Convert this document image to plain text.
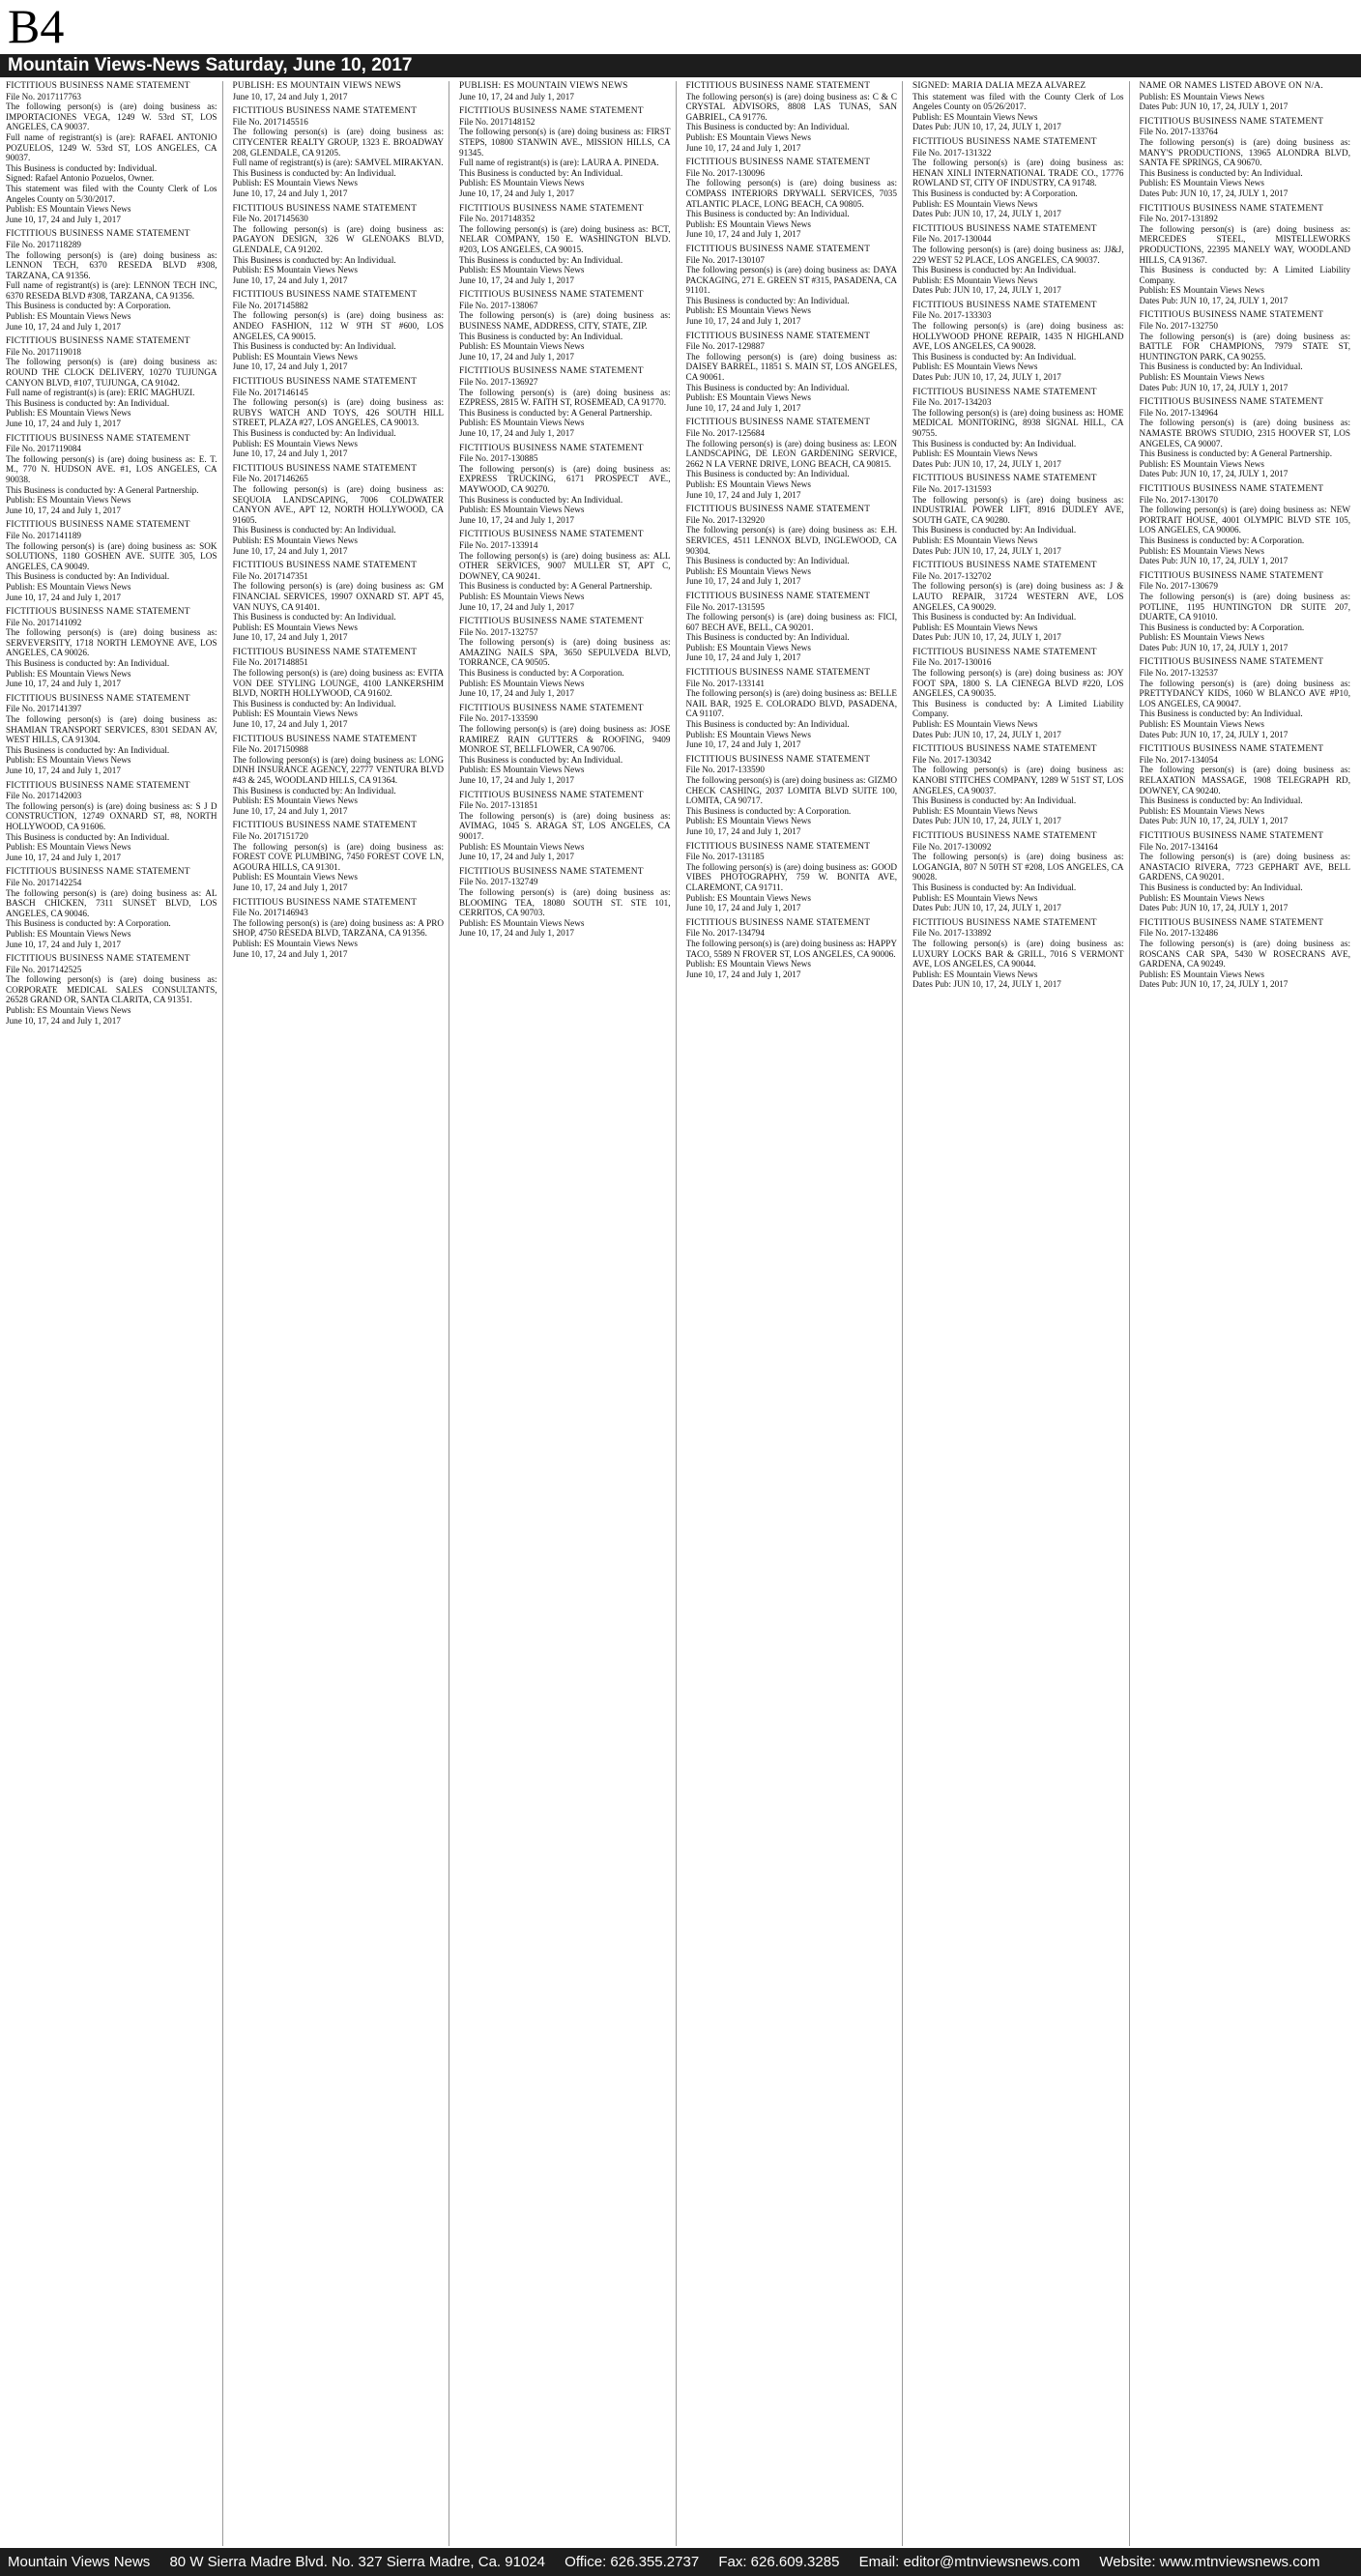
B4
Mountain Views-News Saturday, June 10, 2017
FICTITIOUS BUSINESS NAME STATEMENT
File No. 2017117763
The following person(s) is (are) doing business as: IMPORTACIONES VEGA, 1249 W. 53rd ST, LOS ANGELES, CA 90037.
Full name of registrant(s) is (are): RAFAEL ANTONIO POZUELOS, 1249 W. 53rd ST, LOS ANGELES, CA 90037.
This Business is conducted by: Individual.
Signed: Rafael Antonio Pozuelos, Owner.
This statement was filed with the County Clerk of Los Angeles County on 5/30/2017.
Publish: ES Mountain Views News
June 10, 17, 24 and July 1, 2017
FICTITIOUS BUSINESS NAME STATEMENT
File No. 2017118289
The following person(s) is (are) doing business as: LENNON TECH, 6370 RESEDA BLVD #308, TARZANA, CA 91356.
Full name of registrant(s) is (are): LENNON TECH INC, 6370 RESEDA BLVD #308, TARZANA, CA 91356.
This Business is conducted by: A Corporation.
Publish: ES Mountain Views News
June 10, 17, 24 and July 1, 2017
FICTITIOUS BUSINESS NAME STATEMENT
File No. 2017119018
The following person(s) is (are) doing business as: ROUND THE CLOCK DELIVERY, 10270 TUJUNGA CANYON BLVD, #107, TUJUNGA, CA 91042.
Full name of registrant(s) is (are): ERIC MAGHUZI.
This Business is conducted by: An Individual.
Publish: ES Mountain Views News
June 10, 17, 24 and July 1, 2017
FICTITIOUS BUSINESS NAME STATEMENT
File No. 2017119084
The following person(s) is (are) doing business as: E. T. M., 770 N. HUDSON AVE. #1, LOS ANGELES, CA 90038.
This Business is conducted by: A General Partnership.
Publish: ES Mountain Views News
June 10, 17, 24 and July 1, 2017
FICTITIOUS BUSINESS NAME STATEMENT
File No. 2017141189
The following person(s) is (are) doing business as: SOK SOLUTIONS, 1180 GOSHEN AVE. SUITE 305, LOS ANGELES, CA 90049.
This Business is conducted by: An Individual.
Publish: ES Mountain Views News
June 10, 17, 24 and July 1, 2017
FICTITIOUS BUSINESS NAME STATEMENT
File No. 2017141092
The following person(s) is (are) doing business as: SERVEVERSITY, 1718 NORTH LEMOYNE AVE, LOS ANGELES, CA 90026.
This Business is conducted by: An Individual.
Publish: ES Mountain Views News
June 10, 17, 24 and July 1, 2017
FICTITIOUS BUSINESS NAME STATEMENT
File No. 2017141397
The following person(s) is (are) doing business as: SHAMIAN TRANSPORT SERVICES, 8301 SEDAN AV, WEST HILLS, CA 91304.
This Business is conducted by: An Individual.
Publish: ES Mountain Views News
June 10, 17, 24 and July 1, 2017
FICTITIOUS BUSINESS NAME STATEMENT
File No. 2017142003
The following person(s) is (are) doing business as: S J D CONSTRUCTION, 12749 OXNARD ST, #8, NORTH HOLLYWOOD, CA 91606.
This Business is conducted by: An Individual.
Publish: ES Mountain Views News
June 10, 17, 24 and July 1, 2017
FICTITIOUS BUSINESS NAME STATEMENT
File No. 2017142254
The following person(s) is (are) doing business as: AL BASCH CHICKEN, 7311 SUNSET BLVD, LOS ANGELES, CA 90046.
This Business is conducted by: A Corporation.
Publish: ES Mountain Views News
June 10, 17, 24 and July 1, 2017
FICTITIOUS BUSINESS NAME STATEMENT
File No. 2017142525
The following person(s) is (are) doing business as: CORPORATE MEDICAL SALES CONSULTANTS, 26528 GRAND OR, SANTA CLARITA, CA 91351.
Publish: ES Mountain Views News
June 10, 17, 24 and July 1, 2017
PUBLISH: ES MOUNTAIN VIEWS NEWS
June 10, 17, 24 and July 1, 2017
FICTITIOUS BUSINESS NAME STATEMENT
File No. 2017145516
The following person(s) is (are) doing business as: CITYCENTER REALTY GROUP, 1323 E. BROADWAY 208, GLENDALE, CA 91205.
Full name of registrant(s) is (are): SAMVEL MIRAKYAN.
This Business is conducted by: An Individual.
Publish: ES Mountain Views News
June 10, 17, 24 and July 1, 2017
FICTITIOUS BUSINESS NAME STATEMENT
File No. 2017145630
The following person(s) is (are) doing business as: PAGAYON DESIGN, 326 W GLENOAKS BLVD, GLENDALE, CA 91202.
This Business is conducted by: An Individual.
Publish: ES Mountain Views News
June 10, 17, 24 and July 1, 2017
FICTITIOUS BUSINESS NAME STATEMENT
File No. 2017145882
The following person(s) is (are) doing business as: ANDEO FASHION, 112 W 9TH ST #600, LOS ANGELES, CA 90015.
This Business is conducted by: An Individual.
Publish: ES Mountain Views News
June 10, 17, 24 and July 1, 2017
FICTITIOUS BUSINESS NAME STATEMENT
File No. 2017146145
The following person(s) is (are) doing business as: RUBYS WATCH AND TOYS, 426 SOUTH HILL STREET, PLAZA #27, LOS ANGELES, CA 90013.
This Business is conducted by: An Individual.
Publish: ES Mountain Views News
June 10, 17, 24 and July 1, 2017
FICTITIOUS BUSINESS NAME STATEMENT
File No. 2017146265
The following person(s) is (are) doing business as: SEQUOIA LANDSCAPING, 7006 COLDWATER CANYON AVE., APT 12, NORTH HOLLYWOOD, CA 91605.
This Business is conducted by: An Individual.
Publish: ES Mountain Views News
June 10, 17, 24 and July 1, 2017
FICTITIOUS BUSINESS NAME STATEMENT
File No. 2017147351
The following person(s) is (are) doing business as: GM FINANCIAL SERVICES, 19907 OXNARD ST. APT 45, VAN NUYS, CA 91401.
This Business is conducted by: An Individual.
Publish: ES Mountain Views News
June 10, 17, 24 and July 1, 2017
FICTITIOUS BUSINESS NAME STATEMENT
File No. 2017148851
The following person(s) is (are) doing business as: EVITA VON DEE STYLING LOUNGE, 4100 LANKERSHIM BLVD, NORTH HOLLYWOOD, CA 91602.
This Business is conducted by: An Individual.
Publish: ES Mountain Views News
June 10, 17, 24 and July 1, 2017
FICTITIOUS BUSINESS NAME STATEMENT
File No. 2017150988
The following person(s) is (are) doing business as: LONG DINH INSURANCE AGENCY, 22777 VENTURA BLVD #43 & 245, WOODLAND HILLS, CA 91364.
This Business is conducted by: An Individual.
Publish: ES Mountain Views News
June 10, 17, 24 and July 1, 2017
FICTITIOUS BUSINESS NAME STATEMENT
File No. 2017151720
The following person(s) is (are) doing business as: FOREST COVE PLUMBING, 7450 FOREST COVE LN, AGOURA HILLS, CA 91301.
Publish: ES Mountain Views News
June 10, 17, 24 and July 1, 2017
FICTITIOUS BUSINESS NAME STATEMENT
File No. 2017146943
The following person(s) is (are) doing business as: A PRO SHOP, 4750 RESEDA BLVD, TARZANA, CA 91356.
Publish: ES Mountain Views News
June 10, 17, 24 and July 1, 2017
PUBLISH: ES MOUNTAIN VIEWS NEWS
June 10, 17, 24 and July 1, 2017
FICTITIOUS BUSINESS NAME STATEMENT
File No. 2017148152
The following person(s) is (are) doing business as: FIRST STEPS, 10800 STANWIN AVE., MISSION HILLS, CA 91345.
Full name of registrant(s) is (are): LAURA A. PINEDA.
This Business is conducted by: An Individual.
Publish: ES Mountain Views News
June 10, 17, 24 and July 1, 2017
FICTITIOUS BUSINESS NAME STATEMENT
File No. 2017148352
The following person(s) is (are) doing business as: BCT, NELAR COMPANY, 150 E. WASHINGTON BLVD. #203, LOS ANGELES, CA 90015.
This Business is conducted by: An Individual.
Publish: ES Mountain Views News
June 10, 17, 24 and July 1, 2017
FICTITIOUS BUSINESS NAME STATEMENT
File No. 2017-138067
The following person(s) is (are) doing business as: BUSINESS NAME, ADDRESS, CITY, STATE, ZIP.
This Business is conducted by: An Individual.
Publish: ES Mountain Views News
June 10, 17, 24 and July 1, 2017
FICTITIOUS BUSINESS NAME STATEMENT
File No. 2017-136927
The following person(s) is (are) doing business as: EZPRESS, 2815 W. FAITH ST, ROSEMEAD, CA 91770.
This Business is conducted by: A General Partnership.
Publish: ES Mountain Views News
June 10, 17, 24 and July 1, 2017
FICTITIOUS BUSINESS NAME STATEMENT
File No. 2017-130885
The following person(s) is (are) doing business as: EXPRESS TRUCKING, 6171 PROSPECT AVE., MAYWOOD, CA 90270.
This Business is conducted by: An Individual.
Publish: ES Mountain Views News
June 10, 17, 24 and July 1, 2017
FICTITIOUS BUSINESS NAME STATEMENT
File No. 2017-133914
The following person(s) is (are) doing business as: ALL OTHER SERVICES, 9007 MULLER ST, APT C, DOWNEY, CA 90241.
This Business is conducted by: A General Partnership.
Publish: ES Mountain Views News
June 10, 17, 24 and July 1, 2017
FICTITIOUS BUSINESS NAME STATEMENT
File No. 2017-132757
The following person(s) is (are) doing business as: AMAZING NAILS SPA, 3650 SEPULVEDA BLVD, TORRANCE, CA 90505.
This Business is conducted by: A Corporation.
Publish: ES Mountain Views News
June 10, 17, 24 and July 1, 2017
FICTITIOUS BUSINESS NAME STATEMENT
File No. 2017-133590
The following person(s) is (are) doing business as: JOSE RAMIREZ RAIN GUTTERS & ROOFING, 9409 MONROE ST, BELLFLOWER, CA 90706.
This Business is conducted by: An Individual.
Publish: ES Mountain Views News
June 10, 17, 24 and July 1, 2017
FICTITIOUS BUSINESS NAME STATEMENT
File No. 2017-131851
The following person(s) is (are) doing business as: AVIMAG, 1045 S. ARAGA ST, LOS ANGELES, CA 90017.
Publish: ES Mountain Views News
June 10, 17, 24 and July 1, 2017
FICTITIOUS BUSINESS NAME STATEMENT
File No. 2017-132749
The following person(s) is (are) doing business as: BLOOMING TEA, 18080 SOUTH ST. STE 101, CERRITOS, CA 90703.
Publish: ES Mountain Views News
June 10, 17, 24 and July 1, 2017
FICTITIOUS BUSINESS NAME STATEMENT
The following person(s) is (are) doing business as: C & C CRYSTAL ADVISORS, 8808 LAS TUNAS, SAN GABRIEL, CA 91776.
This Business is conducted by: An Individual.
Publish: ES Mountain Views News
June 10, 17, 24 and July 1, 2017
FICTITIOUS BUSINESS NAME STATEMENT
File No. 2017-130096
The following person(s) is (are) doing business as: COMPASS INTERIORS DRYWALL SERVICES, 7035 ATLANTIC PLACE, LONG BEACH, CA 90805.
This Business is conducted by: An Individual.
Publish: ES Mountain Views News
June 10, 17, 24 and July 1, 2017
FICTITIOUS BUSINESS NAME STATEMENT
File No. 2017-130107
The following person(s) is (are) doing business as: DAYA PACKAGING, 271 E. GREEN ST #315, PASADENA, CA 91101.
This Business is conducted by: An Individual.
Publish: ES Mountain Views News
June 10, 17, 24 and July 1, 2017
FICTITIOUS BUSINESS NAME STATEMENT
File No. 2017-129887
The following person(s) is (are) doing business as: DAISEY BARREL, 11851 S. MAIN ST, LOS ANGELES, CA 90061.
This Business is conducted by: An Individual.
Publish: ES Mountain Views News
June 10, 17, 24 and July 1, 2017
FICTITIOUS BUSINESS NAME STATEMENT
File No. 2017-125684
The following person(s) is (are) doing business as: LEON LANDSCAPING, DE LEON GARDENING SERVICE, 2662 N LA VERNE DRIVE, LONG BEACH, CA 90815.
This Business is conducted by: An Individual.
Publish: ES Mountain Views News
June 10, 17, 24 and July 1, 2017
FICTITIOUS BUSINESS NAME STATEMENT
File No. 2017-132920
The following person(s) is (are) doing business as: E.H. SERVICES, 4511 LENNOX BLVD, INGLEWOOD, CA 90304.
This Business is conducted by: An Individual.
Publish: ES Mountain Views News
June 10, 17, 24 and July 1, 2017
FICTITIOUS BUSINESS NAME STATEMENT
File No. 2017-131595
The following person(s) is (are) doing business as: FICI, 607 BECH AVE, BELL, CA 90201.
This Business is conducted by: An Individual.
Publish: ES Mountain Views News
June 10, 17, 24 and July 1, 2017
FICTITIOUS BUSINESS NAME STATEMENT
File No. 2017-133141
The following person(s) is (are) doing business as: BELLE NAIL BAR, 1925 E. COLORADO BLVD, PASADENA, CA 91107.
This Business is conducted by: An Individual.
Publish: ES Mountain Views News
June 10, 17, 24 and July 1, 2017
FICTITIOUS BUSINESS NAME STATEMENT
File No. 2017-133590
The following person(s) is (are) doing business as: GIZMO CHECK CASHING, 2037 LOMITA BLVD SUITE 100, LOMITA, CA 90717.
This Business is conducted by: A Corporation.
Publish: ES Mountain Views News
June 10, 17, 24 and July 1, 2017
FICTITIOUS BUSINESS NAME STATEMENT
File No. 2017-131185
The following person(s) is (are) doing business as: GOOD VIBES PHOTOGRAPHY, 759 W. BONITA AVE, CLAREMONT, CA 91711.
Publish: ES Mountain Views News
June 10, 17, 24 and July 1, 2017
FICTITIOUS BUSINESS NAME STATEMENT
File No. 2017-134794
The following person(s) is (are) doing business as: HAPPY TACO, 5589 N FROVER ST, LOS ANGELES, CA 90006.
Publish: ES Mountain Views News
June 10, 17, 24 and July 1, 2017
SIGNED: MARIA DALIA MEZA ALVAREZ
This statement was filed with the County Clerk of Los Angeles County on 05/26/2017.
Publish: ES Mountain Views News
Dates Pub: JUN 10, 17, 24, JULY 1, 2017
FICTITIOUS BUSINESS NAME STATEMENT
File No. 2017-131322
The following person(s) is (are) doing business as: HENAN XINLI INTERNATIONAL TRADE CO., 17776 ROWLAND ST, CITY OF INDUSTRY, CA 91748.
This Business is conducted by: A Corporation.
Publish: ES Mountain Views News
Dates Pub: JUN 10, 17, 24, JULY 1, 2017
FICTITIOUS BUSINESS NAME STATEMENT
File No. 2017-130044
The following person(s) is (are) doing business as: JJ&J, 229 WEST 52 PLACE, LOS ANGELES, CA 90037.
This Business is conducted by: An Individual.
Publish: ES Mountain Views News
Dates Pub: JUN 10, 17, 24, JULY 1, 2017
FICTITIOUS BUSINESS NAME STATEMENT
File No. 2017-133303
The following person(s) is (are) doing business as: HOLLYWOOD PHONE REPAIR, 1435 N HIGHLAND AVE, LOS ANGELES, CA 90028.
This Business is conducted by: An Individual.
Publish: ES Mountain Views News
Dates Pub: JUN 10, 17, 24, JULY 1, 2017
FICTITIOUS BUSINESS NAME STATEMENT
File No. 2017-134203
The following person(s) is (are) doing business as: HOME MEDICAL MONITORING, 8938 SIGNAL HILL, CA 90755.
This Business is conducted by: An Individual.
Publish: ES Mountain Views News
Dates Pub: JUN 10, 17, 24, JULY 1, 2017
FICTITIOUS BUSINESS NAME STATEMENT
File No. 2017-131593
The following person(s) is (are) doing business as: INDUSTRIAL POWER LIFT, 8916 DUDLEY AVE, SOUTH GATE, CA 90280.
This Business is conducted by: An Individual.
Publish: ES Mountain Views News
Dates Pub: JUN 10, 17, 24, JULY 1, 2017
FICTITIOUS BUSINESS NAME STATEMENT
File No. 2017-132702
The following person(s) is (are) doing business as: J & LAUTO REPAIR, 31724 WESTERN AVE, LOS ANGELES, CA 90029.
This Business is conducted by: An Individual.
Publish: ES Mountain Views News
Dates Pub: JUN 10, 17, 24, JULY 1, 2017
FICTITIOUS BUSINESS NAME STATEMENT
File No. 2017-130016
The following person(s) is (are) doing business as: JOY FOOT SPA, 1800 S. LA CIENEGA BLVD #220, LOS ANGELES, CA 90035.
This Business is conducted by: A Limited Liability Company.
Publish: ES Mountain Views News
Dates Pub: JUN 10, 17, 24, JULY 1, 2017
FICTITIOUS BUSINESS NAME STATEMENT
File No. 2017-130342
The following person(s) is (are) doing business as: KANOBI STITCHES COMPANY, 1289 W 51ST ST, LOS ANGELES, CA 90037.
This Business is conducted by: An Individual.
Publish: ES Mountain Views News
Dates Pub: JUN 10, 17, 24, JULY 1, 2017
FICTITIOUS BUSINESS NAME STATEMENT
File No. 2017-130092
The following person(s) is (are) doing business as: LOGANGIA, 807 N 50TH ST #208, LOS ANGELES, CA 90028.
This Business is conducted by: An Individual.
Publish: ES Mountain Views News
Dates Pub: JUN 10, 17, 24, JULY 1, 2017
FICTITIOUS BUSINESS NAME STATEMENT
File No. 2017-133892
The following person(s) is (are) doing business as: LUXURY LOCKS BAR & GRILL, 7016 S VERMONT AVE, LOS ANGELES, CA 90044.
Publish: ES Mountain Views News
Dates Pub: JUN 10, 17, 24, JULY 1, 2017
NAME OR NAMES LISTED ABOVE ON N/A.
Publish: ES Mountain Views News
Dates Pub: JUN 10, 17, 24, JULY 1, 2017
FICTITIOUS BUSINESS NAME STATEMENT
File No. 2017-133764
The following person(s) is (are) doing business as: MANY'S PRODUCTIONS, 13965 ALONDRA BLVD, SANTA FE SPRINGS, CA 90670.
This Business is conducted by: An Individual.
Publish: ES Mountain Views News
Dates Pub: JUN 10, 17, 24, JULY 1, 2017
FICTITIOUS BUSINESS NAME STATEMENT
File No. 2017-131892
The following person(s) is (are) doing business as: MERCEDES STEEL, MISTELLEWORKS PRODUCTIONS, 22395 MANELY WAY, WOODLAND HILLS, CA 91367.
This Business is conducted by: A Limited Liability Company.
Publish: ES Mountain Views News
Dates Pub: JUN 10, 17, 24, JULY 1, 2017
FICTITIOUS BUSINESS NAME STATEMENT
File No. 2017-132750
The following person(s) is (are) doing business as: BATTLE FOR CHAMPIONS, 7979 STATE ST, HUNTINGTON PARK, CA 90255.
This Business is conducted by: An Individual.
Publish: ES Mountain Views News
Dates Pub: JUN 10, 17, 24, JULY 1, 2017
FICTITIOUS BUSINESS NAME STATEMENT
File No. 2017-134964
The following person(s) is (are) doing business as: NAMASTE BROWS STUDIO, 2315 HOOVER ST, LOS ANGELES, CA 90007.
This Business is conducted by: A General Partnership.
Publish: ES Mountain Views News
Dates Pub: JUN 10, 17, 24, JULY 1, 2017
FICTITIOUS BUSINESS NAME STATEMENT
File No. 2017-130170
The following person(s) is (are) doing business as: NEW PORTRAIT HOUSE, 4001 OLYMPIC BLVD STE 105, LOS ANGELES, CA 90006.
This Business is conducted by: A Corporation.
Publish: ES Mountain Views News
Dates Pub: JUN 10, 17, 24, JULY 1, 2017
FICTITIOUS BUSINESS NAME STATEMENT
File No. 2017-130679
The following person(s) is (are) doing business as: POTLINE, 1195 HUNTINGTON DR SUITE 207, DUARTE, CA 91010.
This Business is conducted by: A Corporation.
Publish: ES Mountain Views News
Dates Pub: JUN 10, 17, 24, JULY 1, 2017
FICTITIOUS BUSINESS NAME STATEMENT
File No. 2017-132537
The following person(s) is (are) doing business as: PRETTYDANCY KIDS, 1060 W BLANCO AVE #P10, LOS ANGELES, CA 90047.
This Business is conducted by: An Individual.
Publish: ES Mountain Views News
Dates Pub: JUN 10, 17, 24, JULY 1, 2017
FICTITIOUS BUSINESS NAME STATEMENT
File No. 2017-134054
The following person(s) is (are) doing business as: RELAXATION MASSAGE, 1908 TELEGRAPH RD, DOWNEY, CA 90240.
This Business is conducted by: An Individual.
Publish: ES Mountain Views News
Dates Pub: JUN 10, 17, 24, JULY 1, 2017
FICTITIOUS BUSINESS NAME STATEMENT
File No. 2017-134164
The following person(s) is (are) doing business as: ANASTACIO RIVERA, 7723 GEPHART AVE, BELL GARDENS, CA 90201.
This Business is conducted by: An Individual.
Publish: ES Mountain Views News
Dates Pub: JUN 10, 17, 24, JULY 1, 2017
FICTITIOUS BUSINESS NAME STATEMENT
File No. 2017-132486
The following person(s) is (are) doing business as: ROSCANS CAR SPA, 5430 W ROSECRANS AVE, GARDENA, CA 90249.
Publish: ES Mountain Views News
Dates Pub: JUN 10, 17, 24, JULY 1, 2017
Mountain Views News 80 W Sierra Madre Blvd. No. 327 Sierra Madre, Ca. 91024 Office: 626.355.2737 Fax: 626.609.3285 Email: editor@mtnviewsnews.com Website: www.mtnviewsnews.com
